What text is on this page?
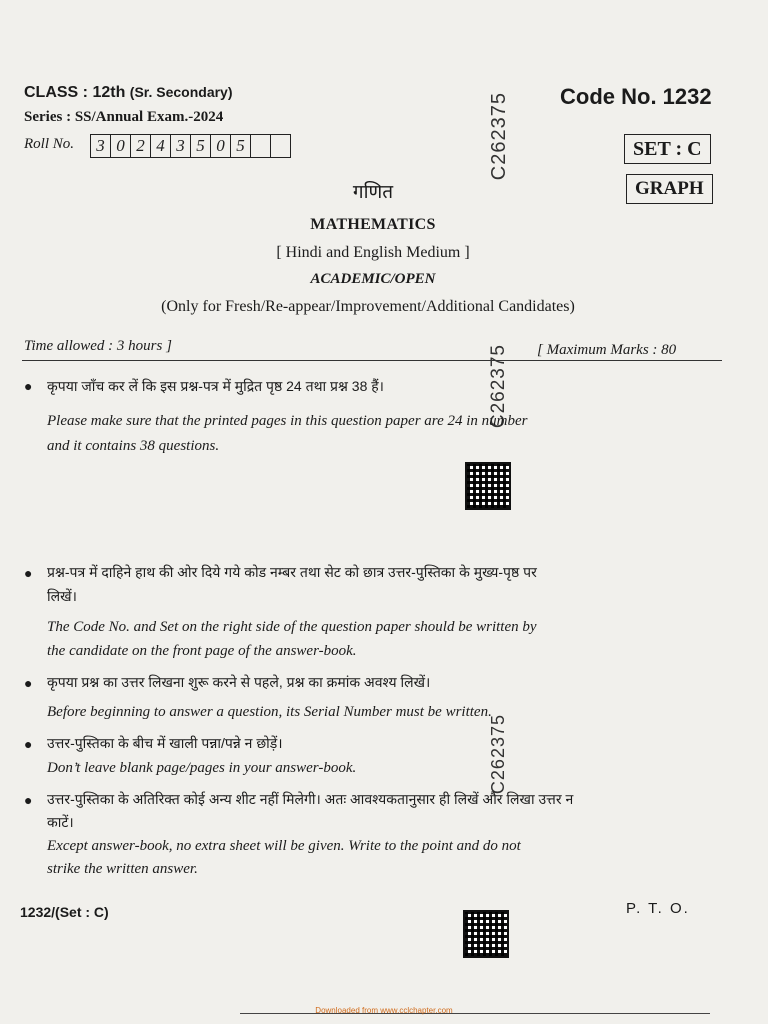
CLASS : 12th (Sr. Secondary)
Series : SS/Annual Exam.-2024
Roll No.	3 0 2 4 3 5 0 5
Code No. 1232
SET : C
GRAPH
C262375
C262375
C262375
गणित
MATHEMATICS
[ Hindi and English Medium ]
ACADEMIC/OPEN
(Only for Fresh/Re-appear/Improvement/Additional Candidates)
Time allowed : 3 hours ]	[ Maximum Marks : 80
● कृपया जाँच कर लें कि इस प्रश्न-पत्र में मुद्रित पृष्ठ 24 तथा प्रश्न 38 हैं।
Please make sure that the printed pages in this question paper are 24 in number
and it contains 38 questions.
● प्रश्न-पत्र में दाहिने हाथ की ओर दिये गये कोड नम्बर तथा सेट को छात्र उत्तर-पुस्तिका के मुख्य-पृष्ठ पर
लिखें।
The Code No. and Set on the right side of the question paper should be written by
the candidate on the front page of the answer-book.
● कृपया प्रश्न का उत्तर लिखना शुरू करने से पहले, प्रश्न का क्रमांक अवश्य लिखें।
Before beginning to answer a question, its Serial Number must be written.
● उत्तर-पुस्तिका के बीच में खाली पन्ना/पन्ने न छोड़ें।
Don’t leave blank page/pages in your answer-book.
● उत्तर-पुस्तिका के अतिरिक्त कोई अन्य शीट नहीं मिलेगी। अतः आवश्यकतानुसार ही लिखें और लिखा उत्तर न
काटें।
Except answer-book, no extra sheet will be given. Write to the point and do not
strike the written answer.
1232/(Set : C)	P. T. O.
Downloaded from www.cclchapter.com
